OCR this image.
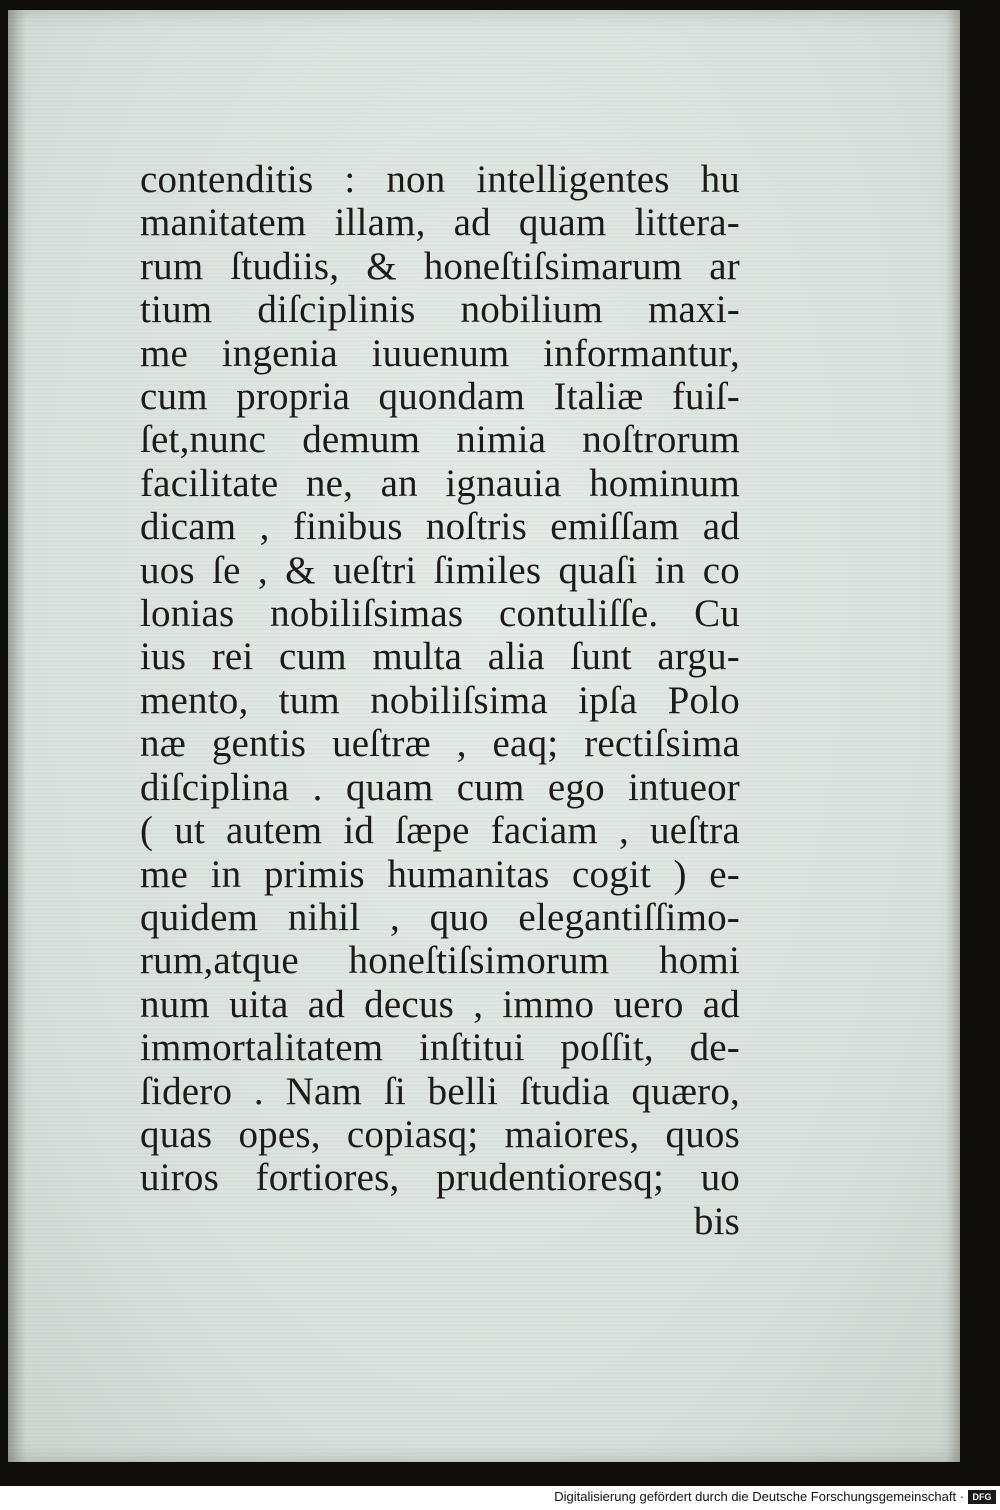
contenditis : non intelligentes hu
manitatem illam, ad quam littera-
rum ſtudiis, & honeſtiſsimarum ar
tium diſciplinis nobilium maxi-
me ingenia iuuenum informantur,
cum propria quondam Italiæ fuiſ-
ſet,nunc demum nimia noſtrorum
facilitate ne, an ignauia hominum
dicam , finibus noſtris emiſſam ad
uos ſe , & ueſtri ſimiles quaſi in co
lonias nobiliſsimas contuliſſe. Cu
ius rei cum multa alia ſunt argu-
mento, tum nobiliſsima ipſa Polo
næ gentis ueſtræ , eaq; rectiſsima
diſciplina . quam cum ego intueor
( ut autem id ſæpe faciam , ueſtra
me in primis humanitas cogit ) e-
quidem nihil , quo elegantiſſimo-
rum,atque honeſtiſsimorum homi
num uita ad decus , immo uero ad
immortalitatem inſtitui poſſit, de-
ſidero . Nam ſi belli ſtudia quæro,
quas opes, copiasq; maiores, quos
uiros fortiores, prudentioresq; uo
bis
Digitalisierung gefördert durch die Deutsche Forschungsgemeinschaft · DFG
